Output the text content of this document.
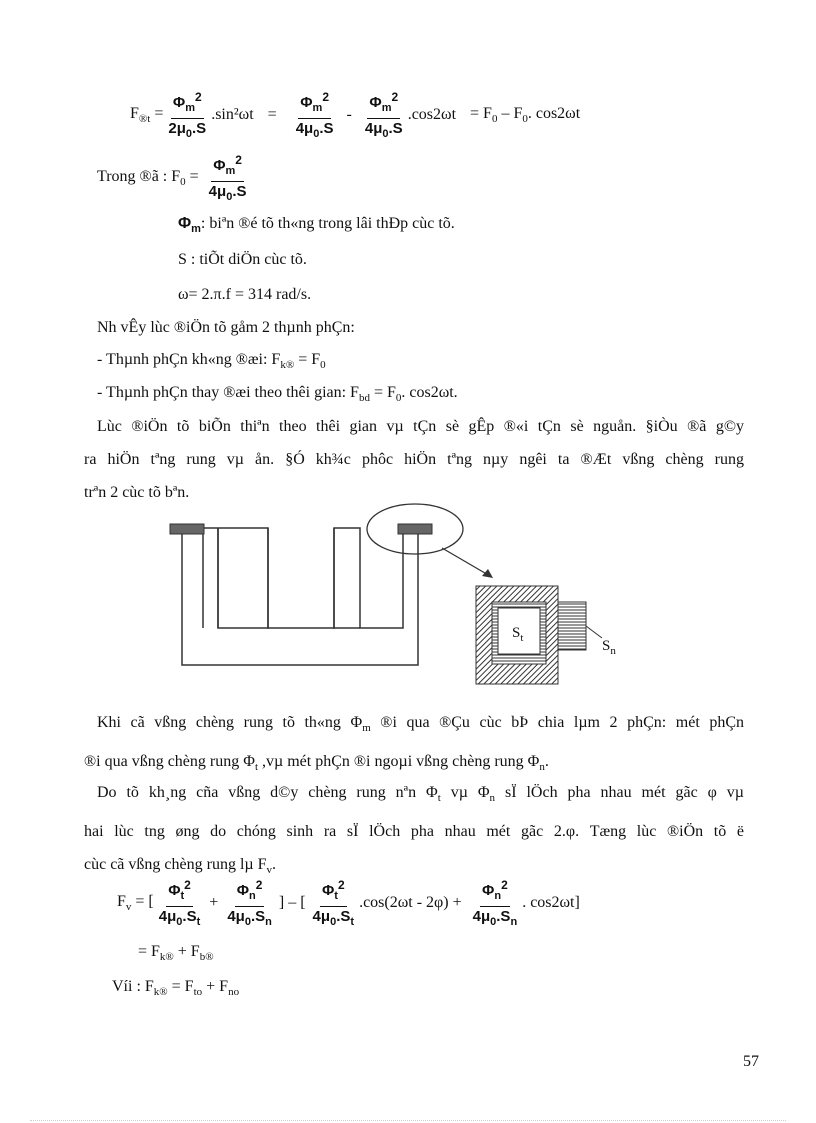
$F_{®t} = \frac{\Phi_m^2}{2\mu_0.S} .\sin^2\omega t = \frac{\Phi_m^2}{4\mu_0.S} - \frac{\Phi_m^2}{4\mu_0.S} .\cos 2\omega t = F_0 - F_0$. cos2ωt
Trong ®ã : $F_0 = \frac{\Phi_m^2}{4\mu_0.S}$
$\Phi_m$: biªn ®é tõ th«ng trong lâi thÐp cùc tõ.
S : tiÕt diÖn cùc tõ.
ω= 2.π.f = 314 rad/s.
Nh vÊy lùc ®iÖn tõ gåm 2 thµnh phÇn:
- Thµnh phÇn kh«ng ®æi: $F_{k®} = F_0$
- Thµnh phÇn thay ®æi theo thêi gian: $F_{bd} = F_0$. cos2ωt.
Lùc ®iÖn tõ biÕn thiªn theo thêi gian vµ tÇn sè gÊp ®«i tÇn sè nguån. §iÒu ®ã g©y
ra hiÖn tªng rung vµ ån. §Ó kh¾c phôc hiÖn tªng nµy ngêi ta ®Æt vßng chèng rung
trªn 2 cùc tõ bªn.
$S_t$	$S_n$
Khi cã vßng chèng rung tõ th«ng $\Phi_m$ ®i qua ®Çu cùc bÞ chia lµm 2 phÇn: mét phÇn
®i qua vßng chèng rung $\Phi_t$ ,vµ mét phÇn ®i ngoµi vßng chèng rung $\Phi_n$.
Do tõ kh¸ng cña vßng d©y chèng rung nªn $\Phi_t$ vµ $\Phi_n$ sÏ lÖch pha nhau mét gãc φ vµ
hai lùc tng øng do chóng sinh ra sÏ lÖch pha nhau mét gãc 2.φ. Tæng lùc ®iÖn tõ ë
cùc cã vßng chèng rung lµ $F_v$.
$F_v$ = [ $\frac{\Phi_t^2}{4\mu_0.S_t} + \frac{\Phi_n^2}{4\mu_0.S_n}$ ] – [ $\frac{\Phi_t^2}{4\mu_0.S_t} .\cos(2\omega t - 2\varphi) + \frac{\Phi_n^2}{4\mu_0.S_n}$ . cos2ωt]
= $F_{k®} + F_{b®}$
Víi : $F_{k®} = F_{to} + F_{no}$
57
